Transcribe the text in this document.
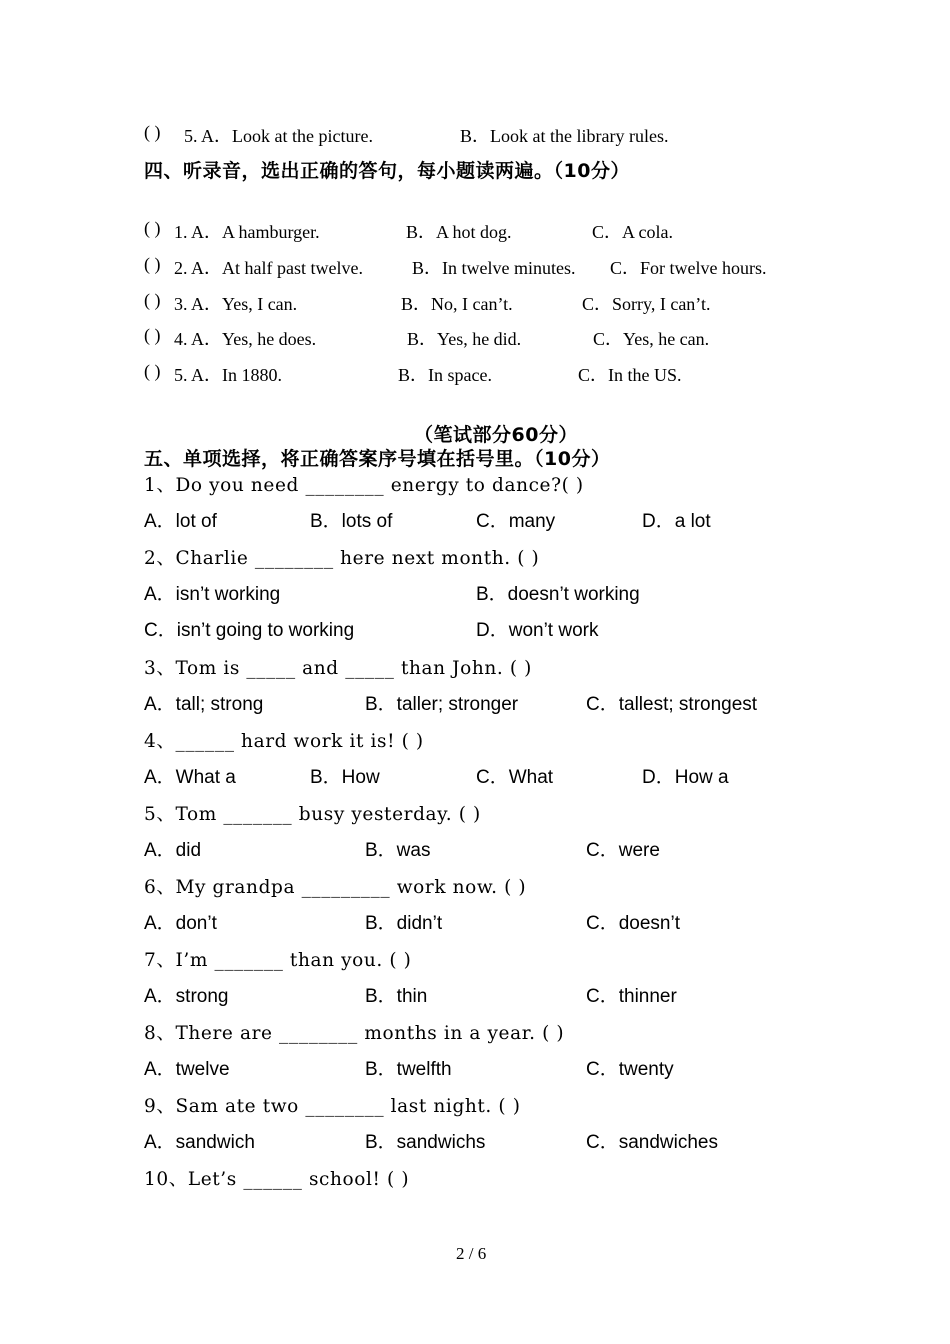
( ) 5. A．Look at the picture.	B．Look at the library rules.
四、听录音，选出正确的答句，每小题读两遍。（10分）
( ) 1. A．A hamburger.	B．A hot dog.	C．A cola.
( ) 2. A．At half past twelve.	B．In twelve minutes. C．For twelve hours.
( ) 3. A．Yes, I can.	B．No, I can’t.	C．Sorry, I can’t.
( ) 4. A．Yes, he does.	B．Yes, he did.	C．Yes, he can.
( ) 5. A．In 1880.	B．In space.	C．In the US.
（笔试部分60分）
五、单项选择，将正确答案序号填在括号里。（10分）
1、Do you need ________ energy to dance?( )
A．lot of	B．lots of	C．many	D．a lot
2、Charlie ________ here next month. ( )
A．isn’t working	B．doesn’t working
C．isn’t going to working	D．won’t work
3、Tom is _____ and _____ than John. ( )
A．tall; strong	B．taller; stronger	C．tallest; strongest
4、______ hard work it is! ( )
A．What a	B．How	C．What	D．How a
5、Tom _______ busy yesterday. ( )
A．did	B．was	C．were
6、My grandpa _________ work now. ( )
A．don’t	B．didn’t	C．doesn’t
7、I’m _______ than you. ( )
A．strong	B．thin	C．thinner
8、There are ________ months in a year. ( )
A．twelve	B．twelfth	C．twenty
9、Sam ate two ________ last night. ( )
A．sandwich	B．sandwichs	C．sandwiches
10、Let’s ______ school! ( )
2 / 6
